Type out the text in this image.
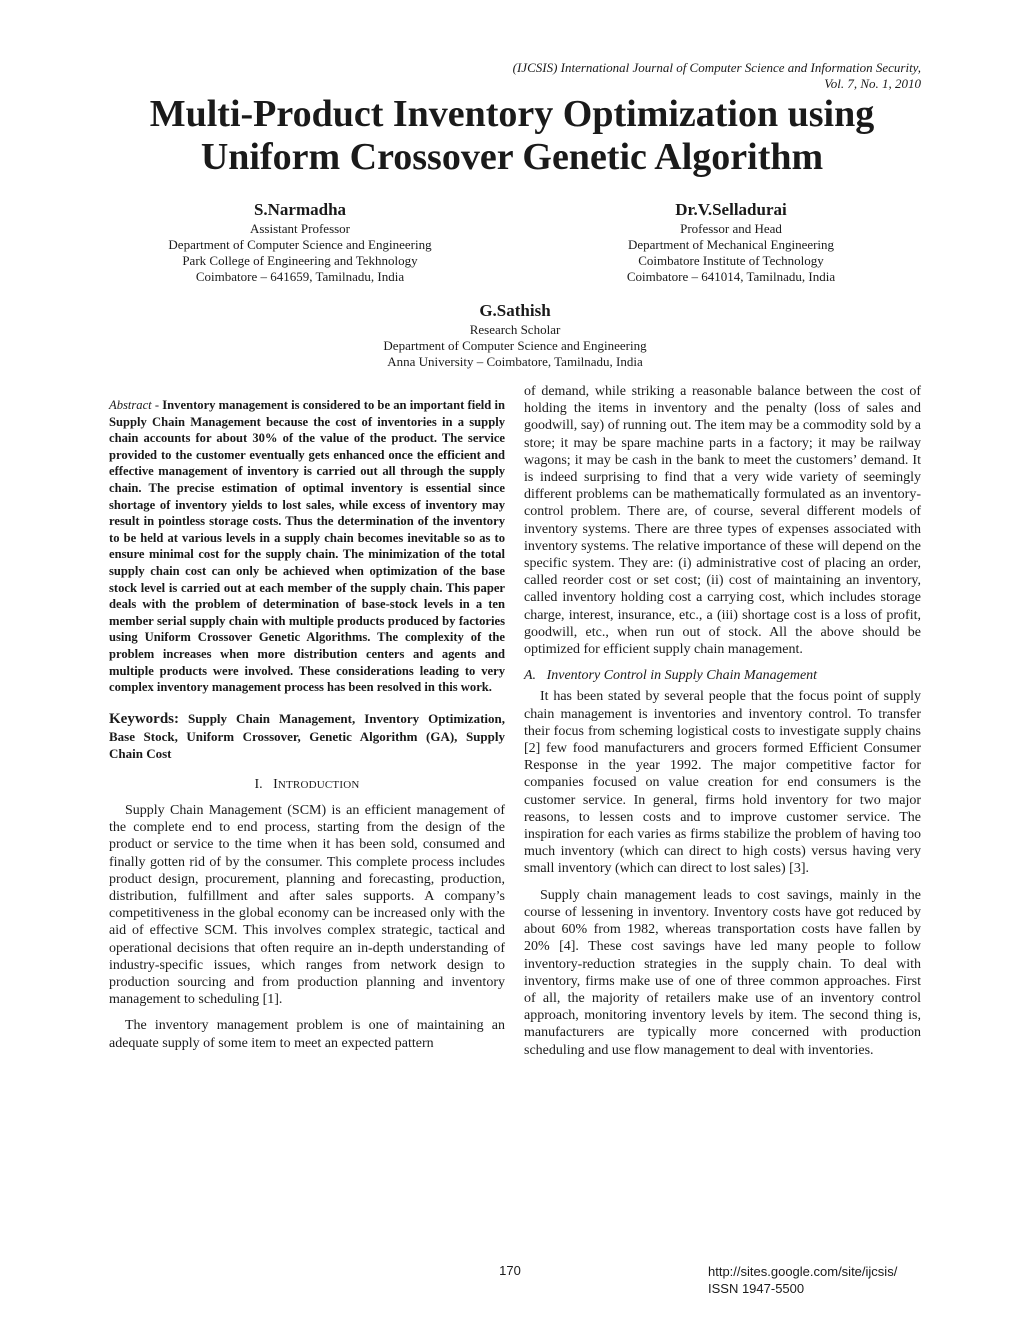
(IJCSIS) International Journal of Computer Science and Information Security,
Vol. 7, No. 1, 2010
Multi-Product Inventory Optimization using
Uniform Crossover Genetic Algorithm
S.Narmadha
Assistant Professor
Department of Computer Science and Engineering
Park College of Engineering and Tekhnology
Coimbatore – 641659, Tamilnadu, India
Dr.V.Selladurai
Professor and Head
Department of Mechanical Engineering
Coimbatore Institute of Technology
Coimbatore – 641014, Tamilnadu, India
G.Sathish
Research Scholar
Department of Computer Science and Engineering
Anna University – Coimbatore, Tamilnadu, India

Abstract - Inventory management is considered to be an important field in Supply Chain Management because the cost of inventories in a supply chain accounts for about 30% of the value of the product. The service provided to the customer eventually gets enhanced once the efficient and effective management of inventory is carried out all through the supply chain. The precise estimation of optimal inventory is essential since shortage of inventory yields to lost sales, while excess of inventory may result in pointless storage costs. Thus the determination of the inventory to be held at various levels in a supply chain becomes inevitable so as to ensure minimal cost for the supply chain. The minimization of the total supply chain cost can only be achieved when optimization of the base stock level is carried out at each member of the supply chain. This paper deals with the problem of determination of base-stock levels in a ten member serial supply chain with multiple products produced by factories using Uniform Crossover Genetic Algorithms. The complexity of the problem increases when more distribution centers and agents and multiple products were involved. These considerations leading to very complex inventory management process has been resolved in this work.

Keywords: Supply Chain Management, Inventory Optimization, Base Stock, Uniform Crossover, Genetic Algorithm (GA), Supply Chain Cost

I. INTRODUCTION

Supply Chain Management (SCM) is an efficient management of the complete end to end process, starting from the design of the product or service to the time when it has been sold, consumed and finally gotten rid of by the consumer. This complete process includes product design, procurement, planning and forecasting, production, distribution, fulfillment and after sales supports. A company’s competitiveness in the global economy can be increased only with the aid of effective SCM. This involves complex strategic, tactical and operational decisions that often require an in-depth understanding of industry-specific issues, which ranges from network design to production sourcing and from production planning and inventory management to scheduling [1].

The inventory management problem is one of maintaining an adequate supply of some item to meet an expected pattern

of demand, while striking a reasonable balance between the cost of holding the items in inventory and the penalty (loss of sales and goodwill, say) of running out. The item may be a commodity sold by a store; it may be spare machine parts in a factory; it may be railway wagons; it may be cash in the bank to meet the customers’ demand. It is indeed surprising to find that a very wide variety of seemingly different problems can be mathematically formulated as an inventory-control problem. There are, of course, several different models of inventory systems. There are three types of expenses associated with inventory systems. The relative importance of these will depend on the specific system. They are: (i) administrative cost of placing an order, called reorder cost or set cost; (ii) cost of maintaining an inventory, called inventory holding cost a carrying cost, which includes storage charge, interest, insurance, etc., a (iii) shortage cost is a loss of profit, goodwill, etc., when run out of stock. All the above should be optimized for efficient supply chain management.

A. Inventory Control in Supply Chain Management

It has been stated by several people that the focus point of supply chain management is inventories and inventory control. To transfer their focus from scheming logistical costs to investigate supply chains [2] few food manufacturers and grocers formed Efficient Consumer Response in the year 1992. The major competitive factor for companies focused on value creation for end consumers is the customer service. In general, firms hold inventory for two major reasons, to lessen costs and to improve customer service. The inspiration for each varies as firms stabilize the problem of having too much inventory (which can direct to high costs) versus having very small inventory (which can direct to lost sales) [3].

Supply chain management leads to cost savings, mainly in the course of lessening in inventory. Inventory costs have got reduced by about 60% from 1982, whereas transportation costs have fallen by 20% [4]. These cost savings have led many people to follow inventory-reduction strategies in the supply chain. To deal with inventory, firms make use of one of three common approaches. First of all, the majority of retailers make use of an inventory control approach, monitoring inventory levels by item. The second thing is, manufacturers are typically more concerned with production scheduling and use flow management to deal with inventories.

170	http://sites.google.com/site/ijcsis/
ISSN 1947-5500
